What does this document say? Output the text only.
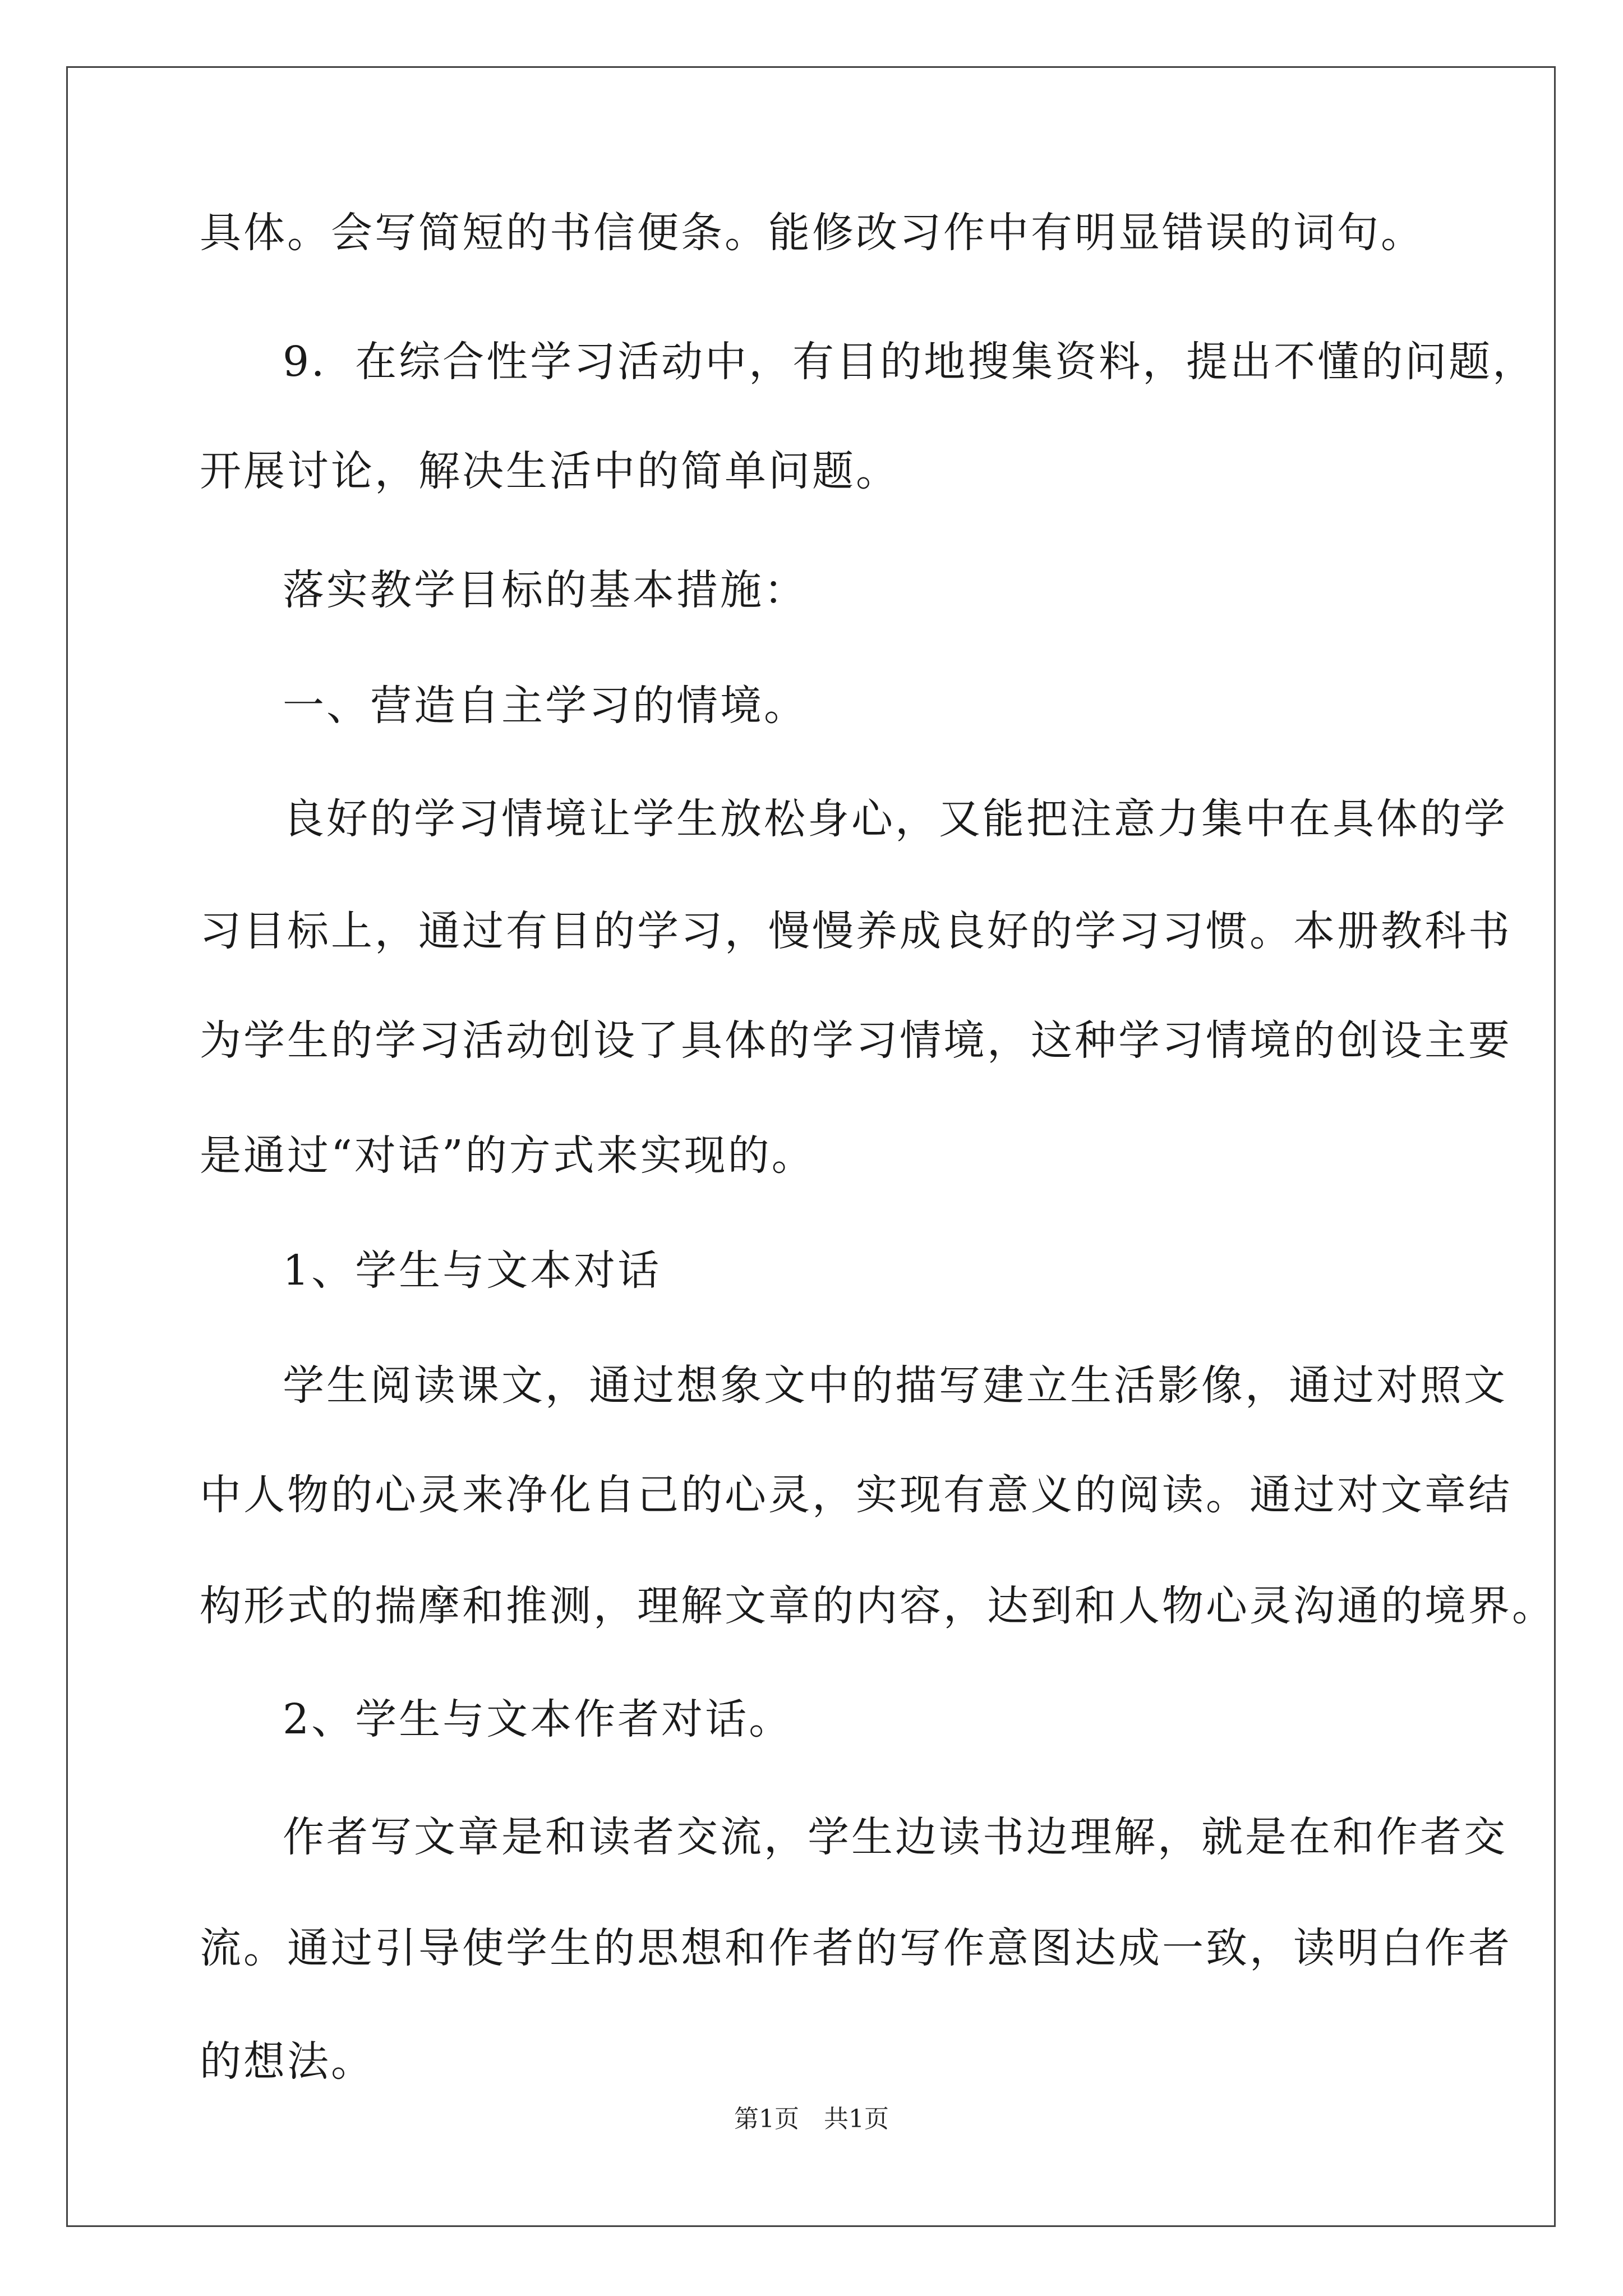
具体。会写简短的书信便条。能修改习作中有明显错误的词句。
9．在综合性学习活动中，有目的地搜集资料，提出不懂的问题，
开展讨论，解决生活中的简单问题。
落实教学目标的基本措施：
一、营造自主学习的情境。
良好的学习情境让学生放松身心，又能把注意力集中在具体的学
习目标上，通过有目的学习，慢慢养成良好的学习习惯。本册教科书
为学生的学习活动创设了具体的学习情境，这种学习情境的创设主要
是通过“对话”的方式来实现的。
1、学生与文本对话
学生阅读课文，通过想象文中的描写建立生活影像，通过对照文
中人物的心灵来净化自己的心灵，实现有意义的阅读。通过对文章结
构形式的揣摩和推测，理解文章的内容，达到和人物心灵沟通的境界。
2、学生与文本作者对话。
作者写文章是和读者交流，学生边读书边理解，就是在和作者交
流。通过引导使学生的思想和作者的写作意图达成一致，读明白作者
的想法。
第1页　共1页
